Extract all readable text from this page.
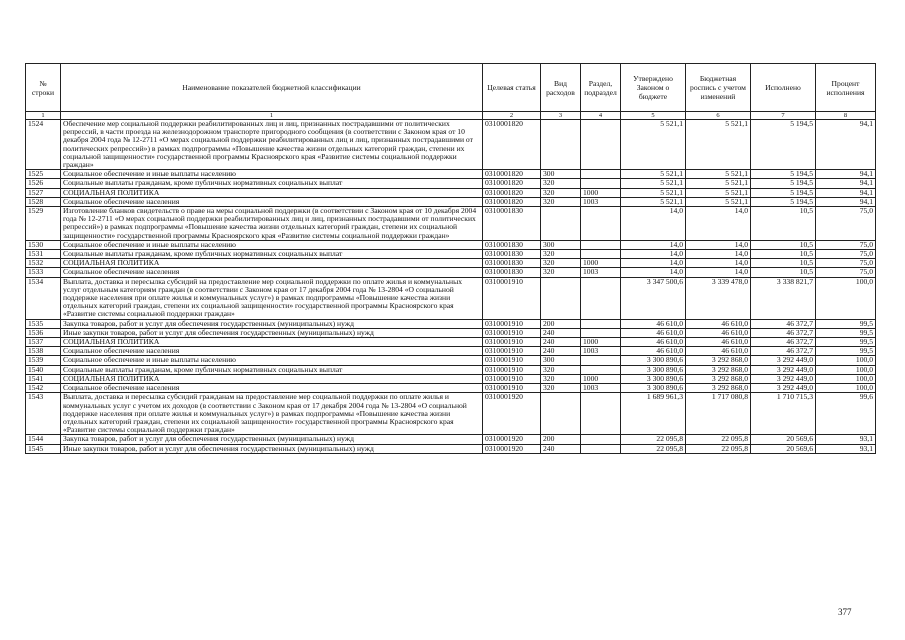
№ строки	Наименование показателей бюджетной классификации	Целевая статья	Вид расходов	Раздел, подраздел	Утверждено Законом о бюджете	Бюджетная роспись с учетом изменений	Исполнено	Процент исполнения
1	1	2	3	4	5	6	7	8
1524	Обеспечение мер социальной поддержки реабилитированных лиц и лиц, признанных пострадавшими от политических репрессий, в части проезда на железнодорожном транспорте пригородного сообщения (в соответствии с Законом края от 10 декабря 2004 года № 12-2711 «О мерах социальной поддержки реабилитированных лиц и лиц, признанных пострадавшими от политических репрессий») в рамках подпрограммы «Повышение качества жизни отдельных категорий граждан, степени их социальной защищенности» государственной программы Красноярского края «Развитие системы социальной поддержки граждан»	0310001820			5 521,1	5 521,1	5 194,5	94,1
1525	Социальное обеспечение и иные выплаты населению	0310001820	300		5 521,1	5 521,1	5 194,5	94,1
1526	Социальные выплаты гражданам, кроме публичных нормативных социальных выплат	0310001820	320		5 521,1	5 521,1	5 194,5	94,1
1527	СОЦИАЛЬНАЯ ПОЛИТИКА	0310001820	320	1000	5 521,1	5 521,1	5 194,5	94,1
1528	Социальное обеспечение населения	0310001820	320	1003	5 521,1	5 521,1	5 194,5	94,1
1529	Изготовление бланков свидетельств о праве на меры социальной поддержки (в соответствии с Законом края от 10 декабря 2004 года № 12-2711 «О мерах социальной поддержки реабилитированных лиц и лиц, признанных пострадавшими от политических репрессий») в рамках подпрограммы «Повышение качества жизни отдельных категорий граждан, степени их социальной защищенности» государственной программы Красноярского края «Развитие системы социальной поддержки граждан»	0310001830			14,0	14,0	10,5	75,0
1530	Социальное обеспечение и иные выплаты населению	0310001830	300		14,0	14,0	10,5	75,0
1531	Социальные выплаты гражданам, кроме публичных нормативных социальных выплат	0310001830	320		14,0	14,0	10,5	75,0
1532	СОЦИАЛЬНАЯ ПОЛИТИКА	0310001830	320	1000	14,0	14,0	10,5	75,0
1533	Социальное обеспечение населения	0310001830	320	1003	14,0	14,0	10,5	75,0
1534	Выплата, доставка и пересылка субсидий на предоставление мер социальной поддержки по оплате жилья и коммунальных услуг отдельным категориям граждан (в соответствии с Законом края от 17 декабря 2004 года № 13-2804 «О социальной поддержке населения при оплате жилья и коммунальных услуг») в рамках подпрограммы «Повышение качества жизни отдельных категорий граждан, степени их социальной защищенности» государственной программы Красноярского края «Развитие системы социальной поддержки граждан»	0310001910			3 347 500,6	3 339 478,0	3 338 821,7	100,0
1535	Закупка товаров, работ и услуг для обеспечения государственных (муниципальных) нужд	0310001910	200		46 610,0	46 610,0	46 372,7	99,5
1536	Иные закупки товаров, работ и услуг для обеспечения государственных (муниципальных) нужд	0310001910	240		46 610,0	46 610,0	46 372,7	99,5
1537	СОЦИАЛЬНАЯ ПОЛИТИКА	0310001910	240	1000	46 610,0	46 610,0	46 372,7	99,5
1538	Социальное обеспечение населения	0310001910	240	1003	46 610,0	46 610,0	46 372,7	99,5
1539	Социальное обеспечение и иные выплаты населению	0310001910	300		3 300 890,6	3 292 868,0	3 292 449,0	100,0
1540	Социальные выплаты гражданам, кроме публичных нормативных социальных выплат	0310001910	320		3 300 890,6	3 292 868,0	3 292 449,0	100,0
1541	СОЦИАЛЬНАЯ ПОЛИТИКА	0310001910	320	1000	3 300 890,6	3 292 868,0	3 292 449,0	100,0
1542	Социальное обеспечение населения	0310001910	320	1003	3 300 890,6	3 292 868,0	3 292 449,0	100,0
1543	Выплата, доставка и пересылка субсидий гражданам на предоставление мер социальной поддержки по оплате жилья и коммунальных услуг с учетом их доходов (в соответствии с Законом края от 17 декабря 2004 года № 13-2804 «О социальной поддержке населения при оплате жилья и коммунальных услуг») в рамках подпрограммы «Повышение качества жизни отдельных категорий граждан, степени их социальной защищенности» государственной программы Красноярского края «Развитие системы социальной поддержки граждан»	0310001920			1 689 961,3	1 717 080,8	1 710 715,3	99,6
1544	Закупка товаров, работ и услуг для обеспечения государственных (муниципальных) нужд	0310001920	200		22 095,8	22 095,8	20 569,6	93,1
1545	Иные закупки товаров, работ и услуг для обеспечения государственных (муниципальных) нужд	0310001920	240		22 095,8	22 095,8	20 569,6	93,1
377
